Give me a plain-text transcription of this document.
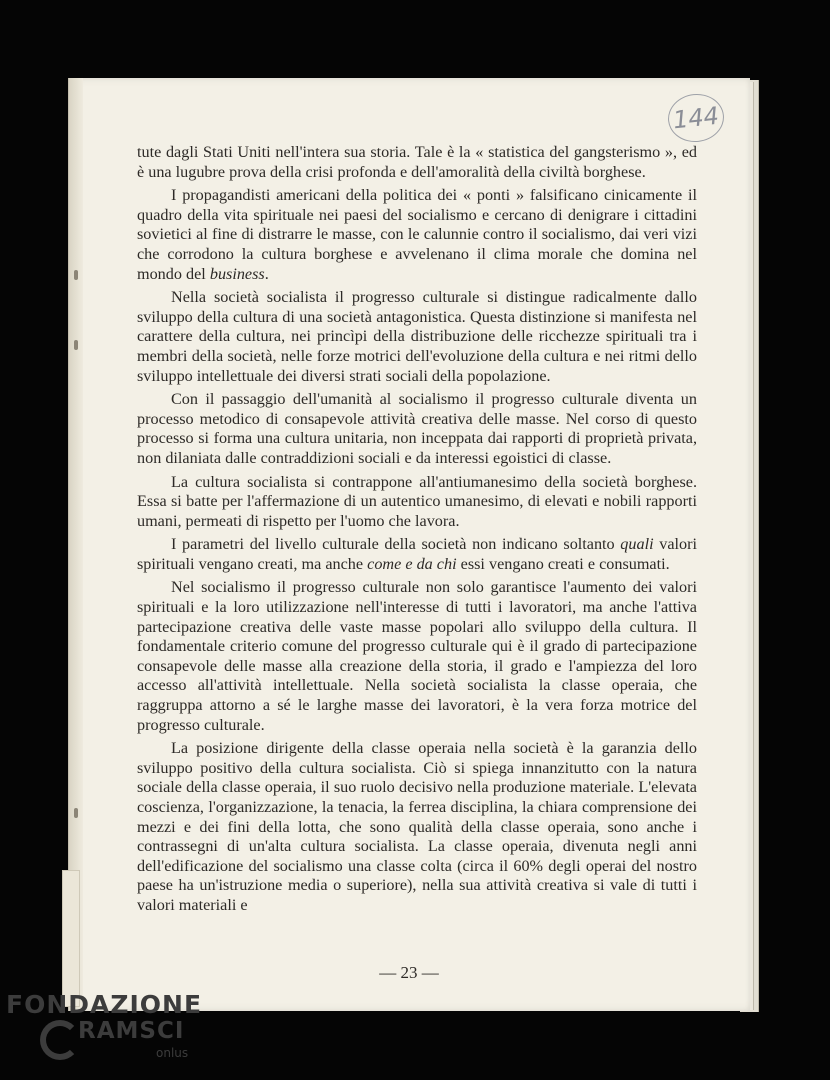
144

tute dagli Stati Uniti nell'intera sua storia. Tale è la « statistica del gangsterismo », ed è una lugubre prova della crisi profonda e dell'amoralità della civiltà borghese.

I propagandisti americani della politica dei « ponti » falsificano cinicamente il quadro della vita spirituale nei paesi del socialismo e cercano di denigrare i cittadini sovietici al fine di distrarre le masse, con le calunnie contro il socialismo, dai veri vizi che corrodono la cultura borghese e avvelenano il clima morale che domina nel mondo del business.

Nella società socialista il progresso culturale si distingue radicalmente dallo sviluppo della cultura di una società antagonistica. Questa distinzione si manifesta nel carattere della cultura, nei princìpi della distribuzione delle ricchezze spirituali tra i membri della società, nelle forze motrici dell'evoluzione della cultura e nei ritmi dello sviluppo intellettuale dei diversi strati sociali della popolazione.

Con il passaggio dell'umanità al socialismo il progresso culturale diventa un processo metodico di consapevole attività creativa delle masse. Nel corso di questo processo si forma una cultura unitaria, non inceppata dai rapporti di proprietà privata, non dilaniata dalle contraddizioni sociali e da interessi egoistici di classe.

La cultura socialista si contrappone all'antiumanesimo della società borghese. Essa si batte per l'affermazione di un autentico umanesimo, di elevati e nobili rapporti umani, permeati di rispetto per l'uomo che lavora.

I parametri del livello culturale della società non indicano soltanto quali valori spirituali vengano creati, ma anche come e da chi essi vengano creati e consumati.

Nel socialismo il progresso culturale non solo garantisce l'aumento dei valori spirituali e la loro utilizzazione nell'interesse di tutti i lavoratori, ma anche l'attiva partecipazione creativa delle vaste masse popolari allo sviluppo della cultura. Il fondamentale criterio comune del progresso culturale qui è il grado di partecipazione consapevole delle masse alla creazione della storia, il grado e l'ampiezza del loro accesso all'attività intellettuale. Nella società socialista la classe operaia, che raggruppa attorno a sé le larghe masse dei lavoratori, è la vera forza motrice del progresso culturale.

La posizione dirigente della classe operaia nella società è la garanzia dello sviluppo positivo della cultura socialista. Ciò si spiega innanzitutto con la natura sociale della classe operaia, il suo ruolo decisivo nella produzione materiale. L'elevata coscienza, l'organizzazione, la tenacia, la ferrea disciplina, la chiara comprensione dei mezzi e dei fini della lotta, che sono qualità della classe operaia, sono anche i contrassegni di un'alta cultura socialista. La classe operaia, divenuta negli anni dell'edificazione del socialismo una classe colta (circa il 60% degli operai del nostro paese ha un'istruzione media o superiore), nella sua attività creativa si vale di tutti i valori materiali e

— 23 —
FONDAZIONE
RAMSCI
onlus
